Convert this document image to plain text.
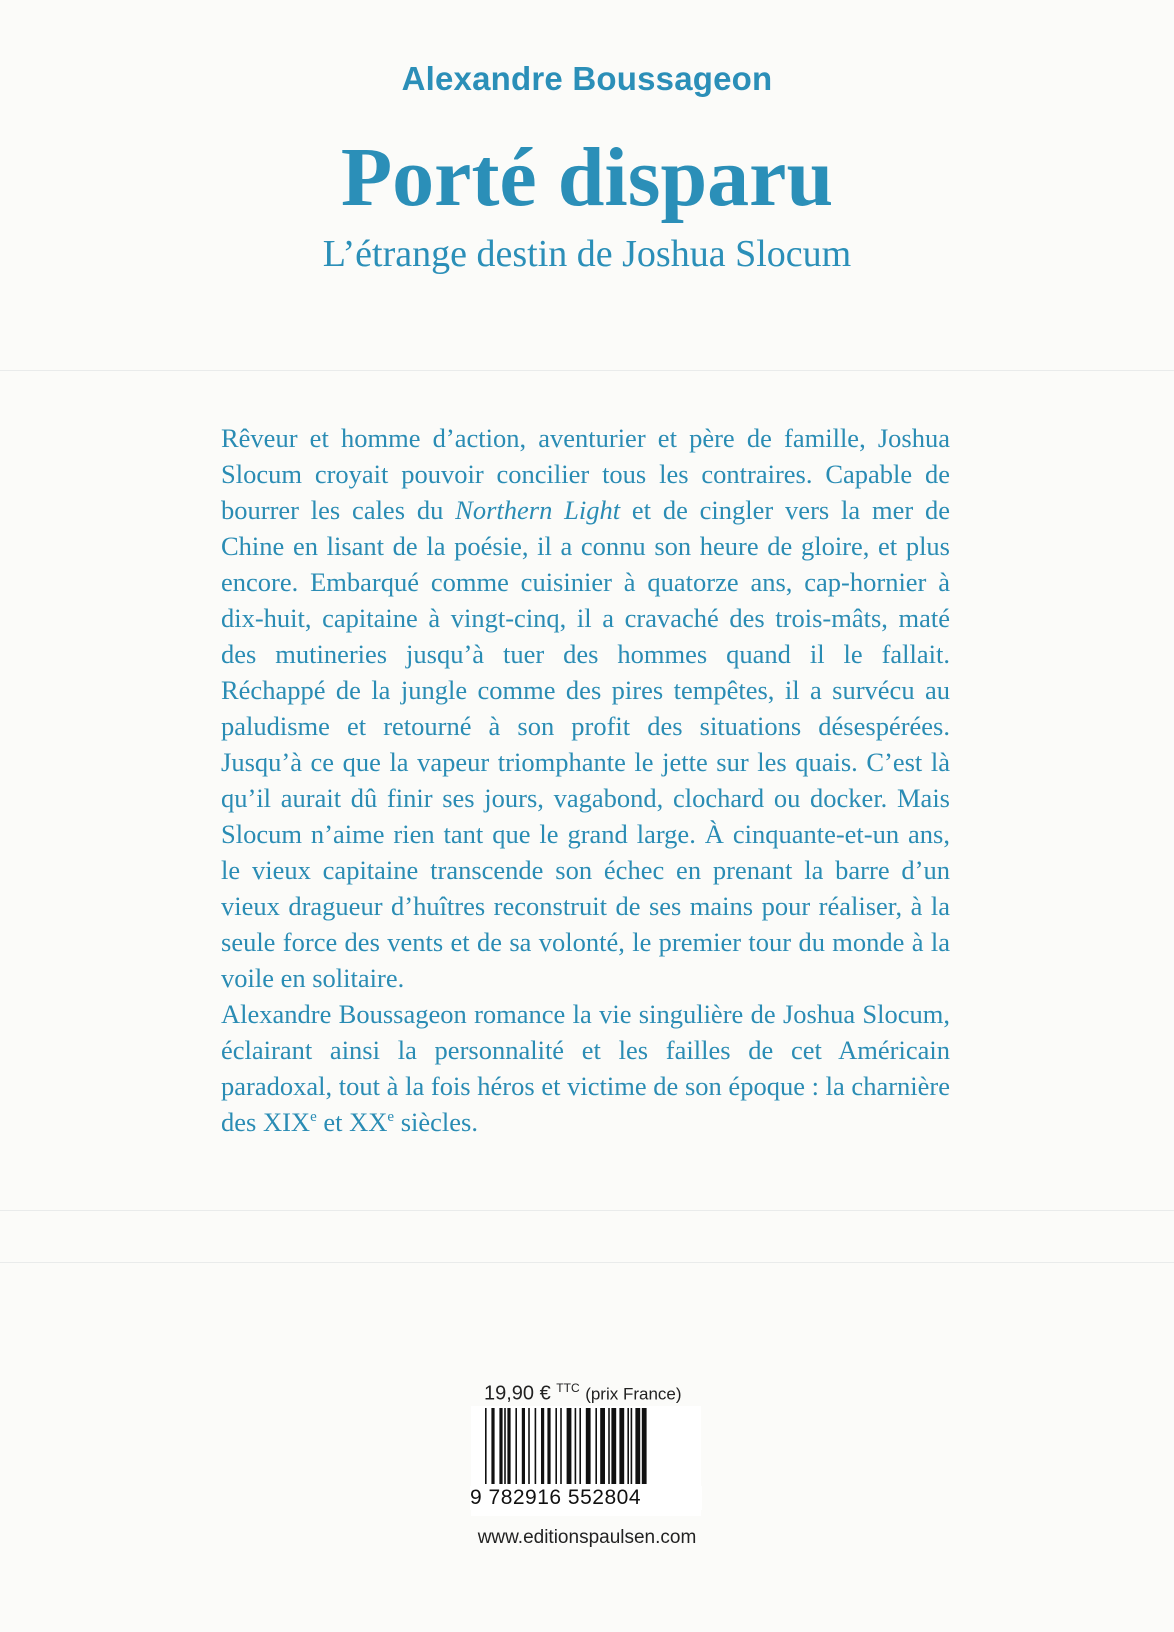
Alexandre Boussageon
Porté disparu
L’étrange destin de Joshua Slocum

Rêveur et homme d’action, aventurier et père de famille, Joshua Slocum croyait pouvoir concilier tous les contraires. Capable de bourrer les cales du Northern Light et de cingler vers la mer de Chine en lisant de la poésie, il a connu son heure de gloire, et plus encore. Embarqué comme cuisinier à quatorze ans, cap-hornier à dix-huit, capitaine à vingt-cinq, il a cravaché des trois-mâts, maté des mutineries jusqu’à tuer des hommes quand il le fallait. Réchappé de la jungle comme des pires tempêtes, il a survécu au paludisme et retourné à son profit des situations désespérées. Jusqu’à ce que la vapeur triomphante le jette sur les quais. C’est là qu’il aurait dû finir ses jours, vagabond, clochard ou docker. Mais Slocum n’aime rien tant que le grand large. À cinquante-et-un ans, le vieux capitaine transcende son échec en prenant la barre d’un vieux dragueur d’huîtres reconstruit de ses mains pour réaliser, à la seule force des vents et de sa volonté, le premier tour du monde à la voile en solitaire.

Alexandre Boussageon romance la vie singulière de Joshua Slocum, éclairant ainsi la personnalité et les failles de cet Américain paradoxal, tout à la fois héros et victime de son époque : la charnière des XIXe et XXe siècles.

19,90 € $^{TTC}$ (prix France)
9 782916 552804
www.editionspaulsen.com
